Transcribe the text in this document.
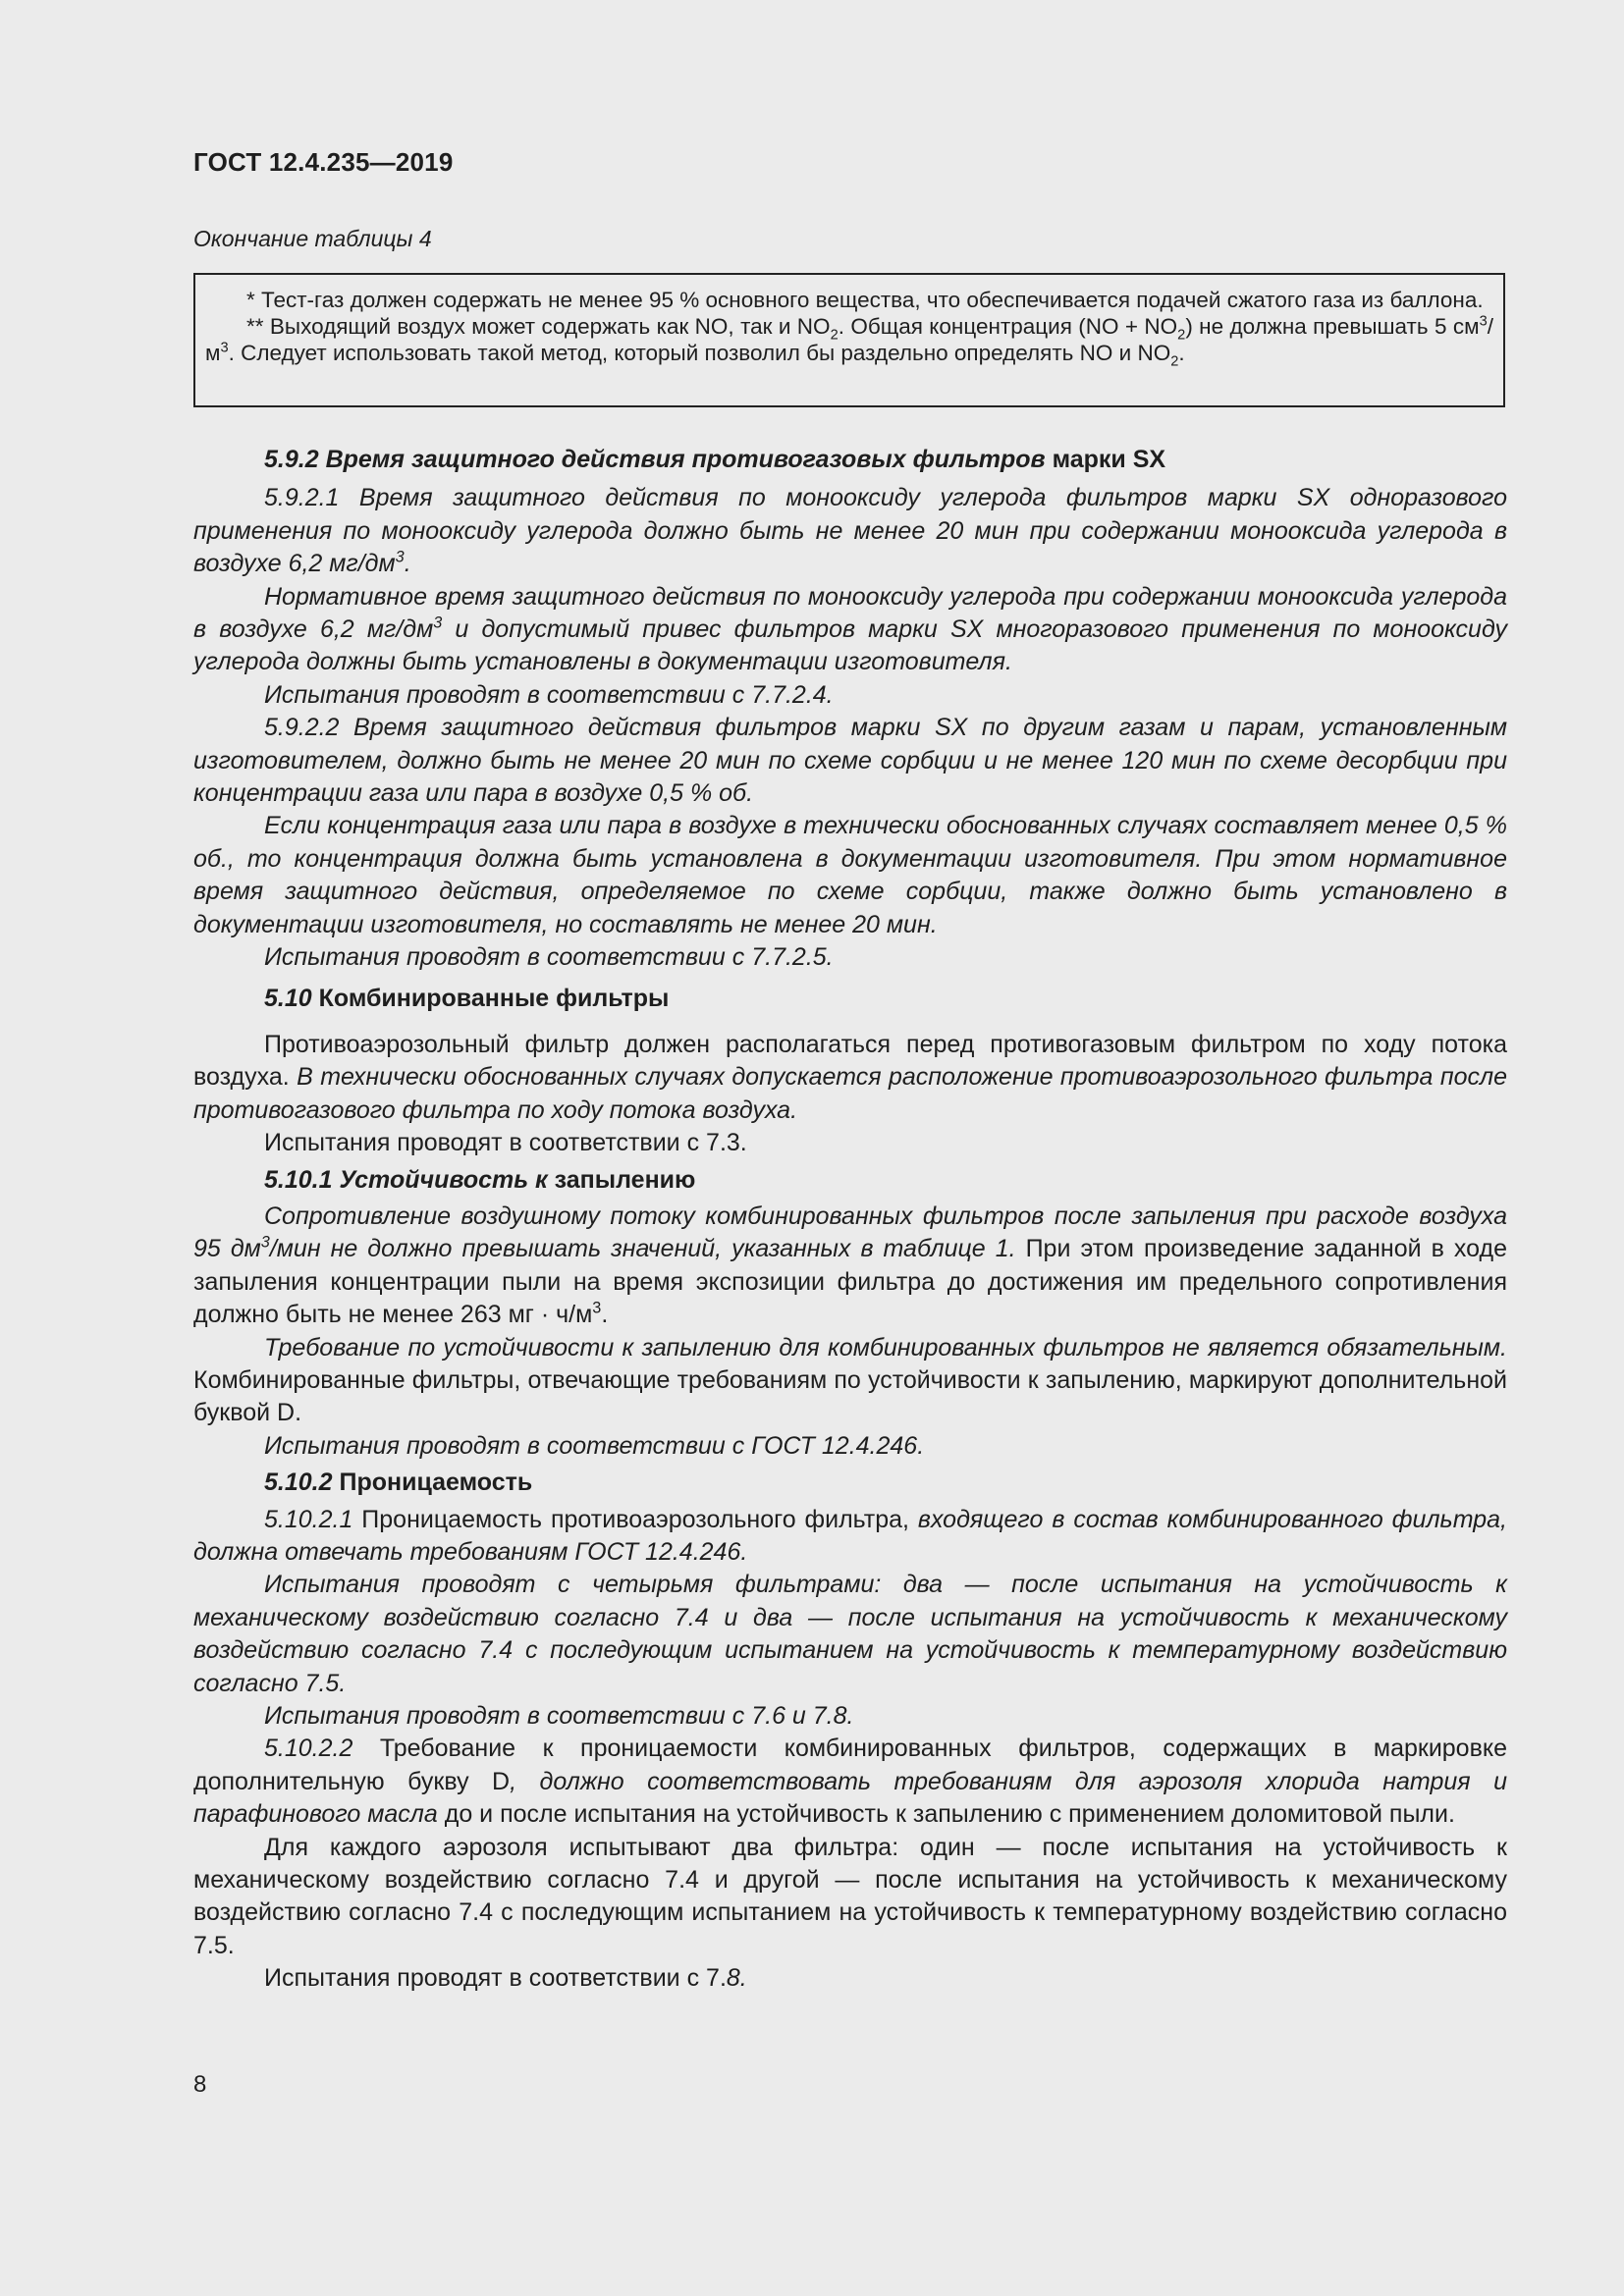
ГОСТ 12.4.235—2019
Окончание таблицы 4

* Тест-газ должен содержать не менее 95 % основного вещества, что обеспечивается подачей сжатого газа из баллона.

** Выходящий воздух может содержать как NO, так и $NO_2$. Общая концентрация $(NO + NO_2)$ не должна превышать 5 $см^3/м^3$. Следует использовать такой метод, который позволил бы раздельно определять NO и $NO_2$.

5.9.2 Время защитного действия противогазовых фильтров марки SX

5.9.2.1 Время защитного действия по монооксиду углерода фильтров марки SX одноразового применения по монооксиду углерода должно быть не менее 20 мин при содержании монооксида углерода в воздухе 6,2 $мг/дм^3$.

Нормативное время защитного действия по монооксиду углерода при содержании монооксида углерода в воздухе 6,2 $мг/дм^3$ и допустимый привес фильтров марки SX многоразового применения по монооксиду углерода должны быть установлены в документации изготовителя.

Испытания проводят в соответствии с 7.7.2.4.

5.9.2.2 Время защитного действия фильтров марки SX по другим газам и парам, установленным изготовителем, должно быть не менее 20 мин по схеме сорбции и не менее 120 мин по схеме десорбции при концентрации газа или пара в воздухе 0,5 % об.

Если концентрация газа или пара в воздухе в технически обоснованных случаях составляет менее 0,5 % об., то концентрация должна быть установлена в документации изготовителя. При этом нормативное время защитного действия, определяемое по схеме сорбции, также должно быть установлено в документации изготовителя, но составлять не менее 20 мин.

Испытания проводят в соответствии с 7.7.2.5.

5.10 Комбинированные фильтры

Противоаэрозольный фильтр должен располагаться перед противогазовым фильтром по ходу потока воздуха. В технически обоснованных случаях допускается расположение противоаэрозольного фильтра после противогазового фильтра по ходу потока воздуха.

Испытания проводят в соответствии с 7.3.

5.10.1 Устойчивость к запылению

Сопротивление воздушному потоку комбинированных фильтров после запыления при расходе воздуха 95 $дм^3$/мин не должно превышать значений, указанных в таблице 1. При этом произведение заданной в ходе запыления концентрации пыли на время экспозиции фильтра до достижения им предельного сопротивления должно быть не менее 263 мг · $ч/м^3$.

Требование по устойчивости к запылению для комбинированных фильтров не является обязательным. Комбинированные фильтры, отвечающие требованиям по устойчивости к запылению, маркируют дополнительной буквой D.

Испытания проводят в соответствии с ГОСТ 12.4.246.

5.10.2 Проницаемость

5.10.2.1 Проницаемость противоаэрозольного фильтра, входящего в состав комбинированного фильтра, должна отвечать требованиям ГОСТ 12.4.246.

Испытания проводят с четырьмя фильтрами: два — после испытания на устойчивость к механическому воздействию согласно 7.4 и два — после испытания на устойчивость к механическому воздействию согласно 7.4 с последующим испытанием на устойчивость к температурному воздействию согласно 7.5.

Испытания проводят в соответствии с 7.6 и 7.8.

5.10.2.2 Требование к проницаемости комбинированных фильтров, содержащих в маркировке дополнительную букву D, должно соответствовать требованиям для аэрозоля хлорида натрия и парафинового масла до и после испытания на устойчивость к запылению с применением доломитовой пыли.

Для каждого аэрозоля испытывают два фильтра: один — после испытания на устойчивость к механическому воздействию согласно 7.4 и другой — после испытания на устойчивость к механическому воздействию согласно 7.4 с последующим испытанием на устойчивость к температурному воздействию согласно 7.5.

Испытания проводят в соответствии с 7.8.

8
